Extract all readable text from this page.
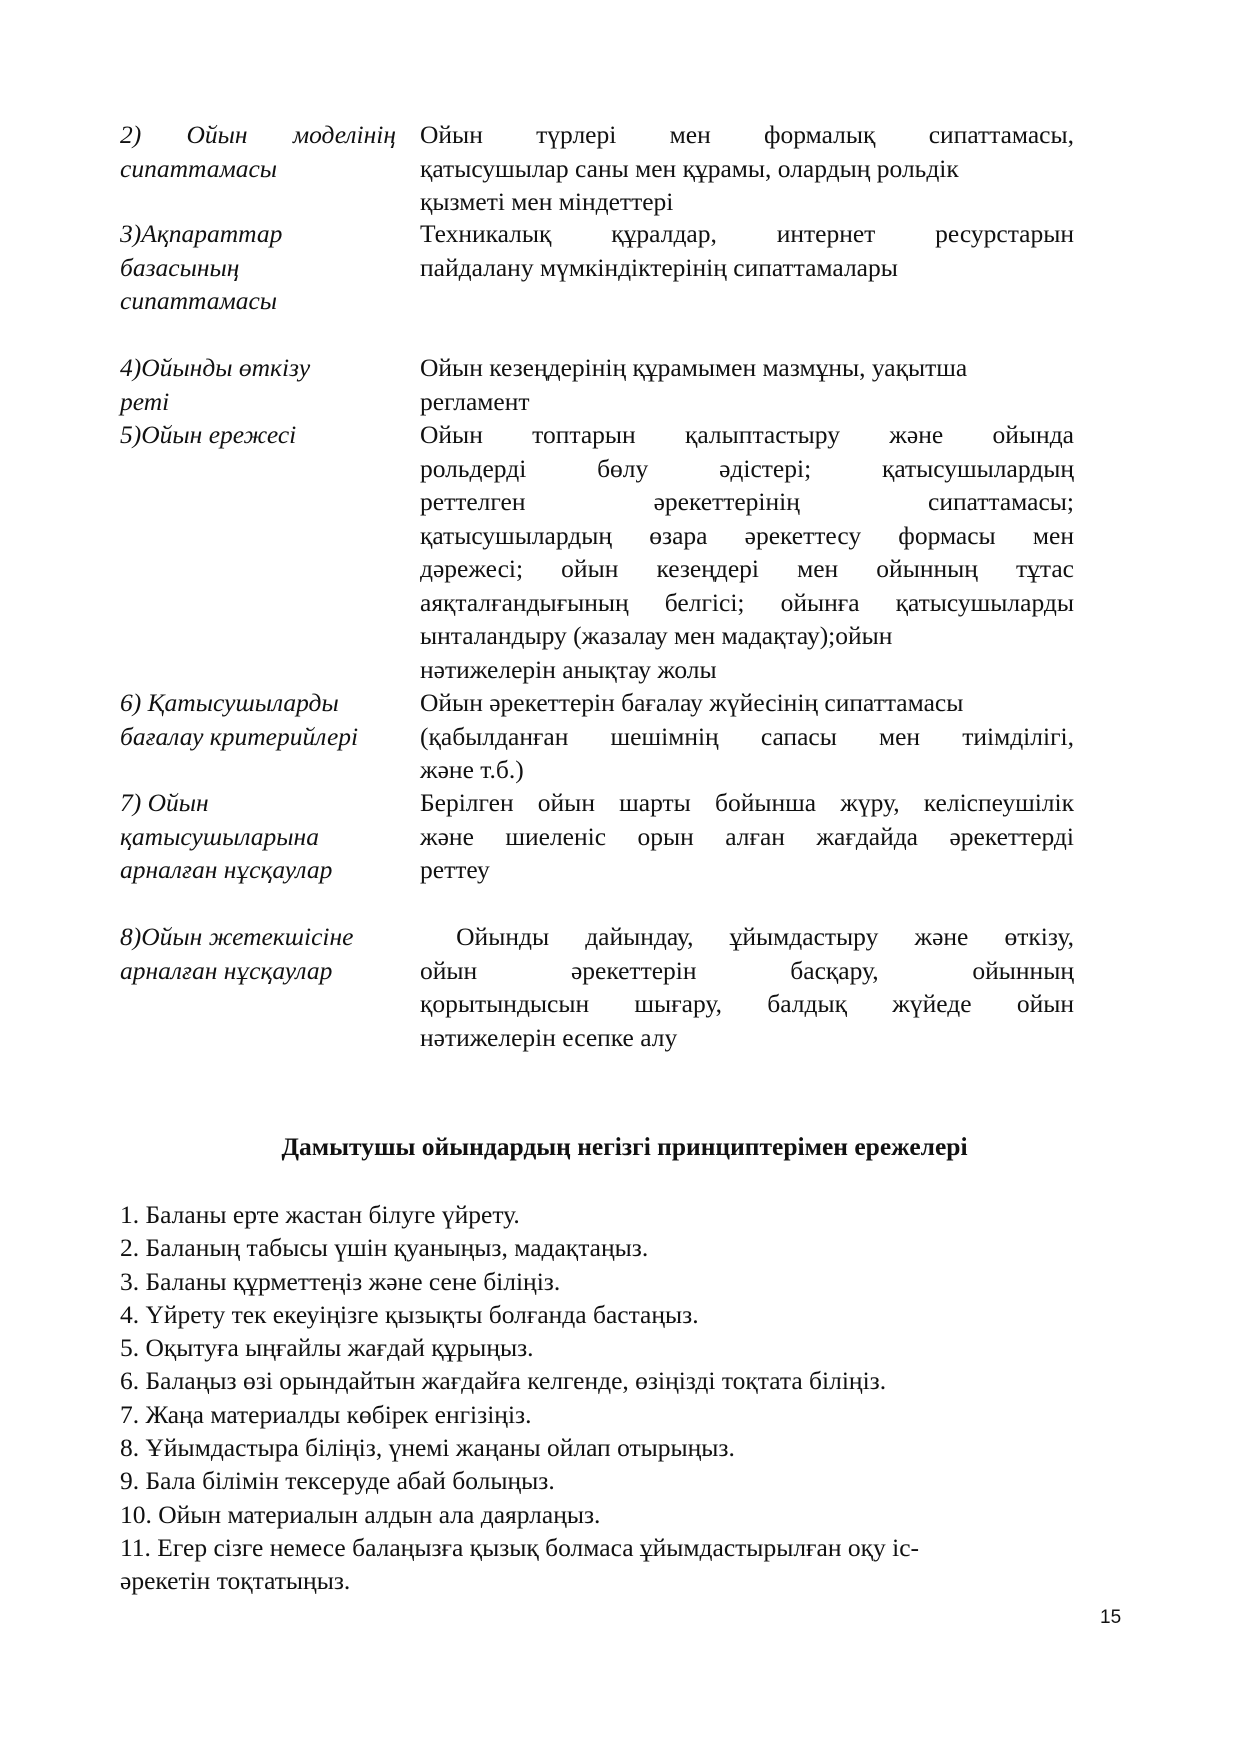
2) Ойын моделінің
сипаттамасы
Ойын түрлері мен формалық сипаттамасы,
қатысушылар саны мен құрамы, олардың рольдік
қызметі мен міндеттері
3)Ақпараттар
базасының
сипаттамасы
Техникалық құралдар, интернет ресурстарын
пайдалану мүмкіндіктерінің сипаттамалары
4)Ойынды өткізу
реті
Ойын кезеңдерінің құрамымен мазмұны, уақытша
регламент
5)Ойын ережесі	Ойын топтарын қалыптастыру және ойында
рольдерді бөлу әдістері; қатысушылардың
реттелген әрекеттерінің сипаттамасы;
қатысушылардың өзара әрекеттесу формасы мен
дәрежесі; ойын кезеңдері мен ойынның тұтас
аяқталғандығының белгісі; ойынға қатысушыларды
ынталандыру (жазалау мен мадақтау);ойын
нәтижелерін анықтау жолы
6) Қатысушыларды
бағалау критерийлері
Ойын әрекеттерін бағалау жүйесінің сипаттамасы
(қабылданған шешімнің сапасы мен тиімділігі,
және т.б.)
7) Ойын
қатысушыларына
арналған нұсқаулар
Берілген ойын шарты бойынша жүру, келіспеушілік
және шиеленіс орын алған жағдайда әрекеттерді
реттеу
8)Ойын жетекшісіне
арналған нұсқаулар
Ойынды дайындау, ұйымдастыру және өткізу,
ойын әрекеттерін басқару, ойынның
қорытындысын шығару, балдық жүйеде ойын
нәтижелерін есепке алу
Дамытушы ойындардың негізгі принциптерімен ережелері
1. Баланы ерте жастан білуге үйрету.
2. Баланың табысы үшін қуаныңыз, мадақтаңыз.
3. Баланы құрметтеңіз және сене біліңіз.
4. Үйрету тек екеуіңізге қызықты болғанда бастаңыз.
5. Оқытуға ыңғайлы жағдай құрыңыз.
6. Балаңыз өзі орындайтын жағдайға келгенде, өзіңізді тоқтата біліңіз.
7. Жаңа материалды көбірек енгізіңіз.
8. Ұйымдастыра біліңіз, үнемі жаңаны ойлап отырыңыз.
9. Бала білімін тексеруде абай болыңыз.
10. Ойын материалын алдын ала даярлаңыз.
11. Егер сізге немесе балаңызға қызық болмаса ұйымдастырылған оқу іс-
әрекетін тоқтатыңыз.
15
